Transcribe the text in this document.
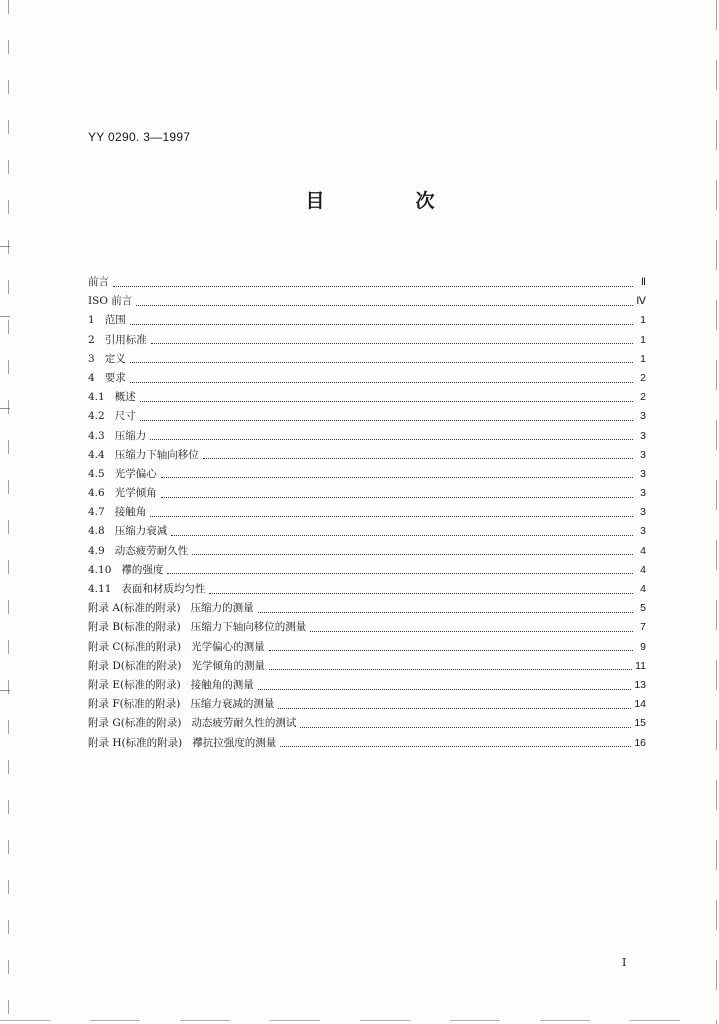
YY 0290. 3—1997
目	次
前言	Ⅱ
ISO 前言	Ⅳ
1   范围	1
2   引用标准	1
3   定义	1
4   要求	2
4.1   概述	2
4.2   尺寸	3
4.3   压缩力	3
4.4   压缩力下轴向移位	3
4.5   光学偏心	3
4.6   光学倾角	3
4.7   接触角	3
4.8   压缩力衰减	3
4.9   动态疲劳耐久性	4
4.10   襻的强度	4
4.11   表面和材质均匀性	4
附录 A(标准的附录)   压缩力的测量	5
附录 B(标准的附录)   压缩力下轴向移位的测量	7
附录 C(标准的附录)   光学偏心的测量	9
附录 D(标准的附录)   光学倾角的测量	11
附录 E(标准的附录)   接触角的测量	13
附录 F(标准的附录)   压缩力衰减的测量	14
附录 G(标准的附录)   动态疲劳耐久性的测试	15
附录 H(标准的附录)   襻抗拉强度的测量	16
I
